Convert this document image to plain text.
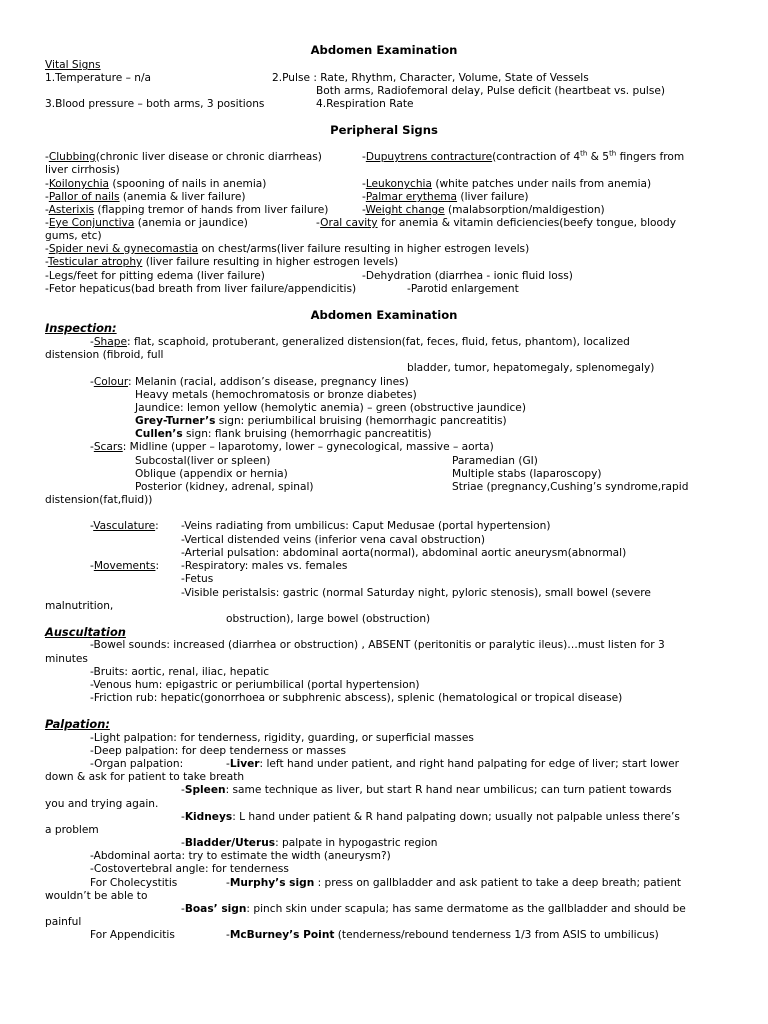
Abdomen Examination
Vital Signs
1.Temperature – n/a	2.Pulse : Rate, Rhythm, Character, Volume, State of Vessels
Both arms, Radiofemoral delay, Pulse deficit (heartbeat vs. pulse)
3.Blood pressure – both arms, 3 positions	4.Respiration Rate
Peripheral Signs
-Clubbing(chronic liver disease or chronic diarrheas)	-Dupuytrens contracture(contraction of 4th & 5th fingers from
liver cirrhosis)
-Koilonychia (spooning of nails in anemia)	-Leukonychia (white patches under nails from anemia)
-Pallor of nails (anemia & liver failure)	-Palmar erythema (liver failure)
-Asterixis (flapping tremor of hands from liver failure)	-Weight change (malabsorption/maldigestion)
-Eye Conjunctiva (anemia or jaundice)	-Oral cavity for anemia & vitamin deficiencies(beefy tongue, bloody
gums, etc)
-Spider nevi & gynecomastia on chest/arms(liver failure resulting in higher estrogen levels)
-Testicular atrophy (liver failure resulting in higher estrogen levels)
-Legs/feet for pitting edema (liver failure)	-Dehydration (diarrhea - ionic fluid loss)
-Fetor hepaticus(bad breath from liver failure/appendicitis)	-Parotid enlargement
Abdomen Examination
Inspection:
-Shape: flat, scaphoid, protuberant, generalized distension(fat, feces, fluid, fetus, phantom), localized
distension (fibroid, full
bladder, tumor, hepatomegaly, splenomegaly)
-Colour: Melanin (racial, addison’s disease, pregnancy lines)
Heavy metals (hemochromatosis or bronze diabetes)
Jaundice: lemon yellow (hemolytic anemia) – green (obstructive jaundice)
Grey-Turner’s sign: periumbilical bruising (hemorrhagic pancreatitis)
Cullen’s sign: flank bruising (hemorrhagic pancreatitis)
-Scars: Midline (upper – laparotomy, lower – gynecological, massive – aorta)
Subcostal(liver or spleen)	Paramedian (GI)
Oblique (appendix or hernia)	Multiple stabs (laparoscopy)
Posterior (kidney, adrenal, spinal)	Striae (pregnancy,Cushing’s syndrome,rapid
distension(fat,fluid))
-Vasculature: -Veins radiating from umbilicus: Caput Medusae (portal hypertension)
-Vertical distended veins (inferior vena caval obstruction)
-Arterial pulsation: abdominal aorta(normal), abdominal aortic aneurysm(abnormal)
-Movements: -Respiratory: males vs. females
-Fetus
-Visible peristalsis: gastric (normal Saturday night, pyloric stenosis), small bowel (severe
malnutrition,
obstruction), large bowel (obstruction)
Auscultation
-Bowel sounds: increased (diarrhea or obstruction) , ABSENT (peritonitis or paralytic ileus)…must listen for 3
minutes
-Bruits: aortic, renal, iliac, hepatic
-Venous hum: epigastric or periumbilical (portal hypertension)
-Friction rub: hepatic(gonorrhoea or subphrenic abscess), splenic (hematological or tropical disease)
Palpation:
-Light palpation: for tenderness, rigidity, guarding, or superficial masses
-Deep palpation: for deep tenderness or masses
-Organ palpation:	-Liver: left hand under patient, and right hand palpating for edge of liver; start lower
down & ask for patient to take breath
-Spleen: same technique as liver, but start R hand near umbilicus; can turn patient towards
you and trying again.
-Kidneys: L hand under patient & R hand palpating down; usually not palpable unless there’s
a problem
-Bladder/Uterus: palpate in hypogastric region
-Abdominal aorta: try to estimate the width (aneurysm?)
-Costovertebral angle: for tenderness
For Cholecystitis	-Murphy’s sign : press on gallbladder and ask patient to take a deep breath; patient
wouldn’t be able to
-Boas’ sign: pinch skin under scapula; has same dermatome as the gallbladder and should be
painful
For Appendicitis	-McBurney’s Point (tenderness/rebound tenderness 1/3 from ASIS to umbilicus)
